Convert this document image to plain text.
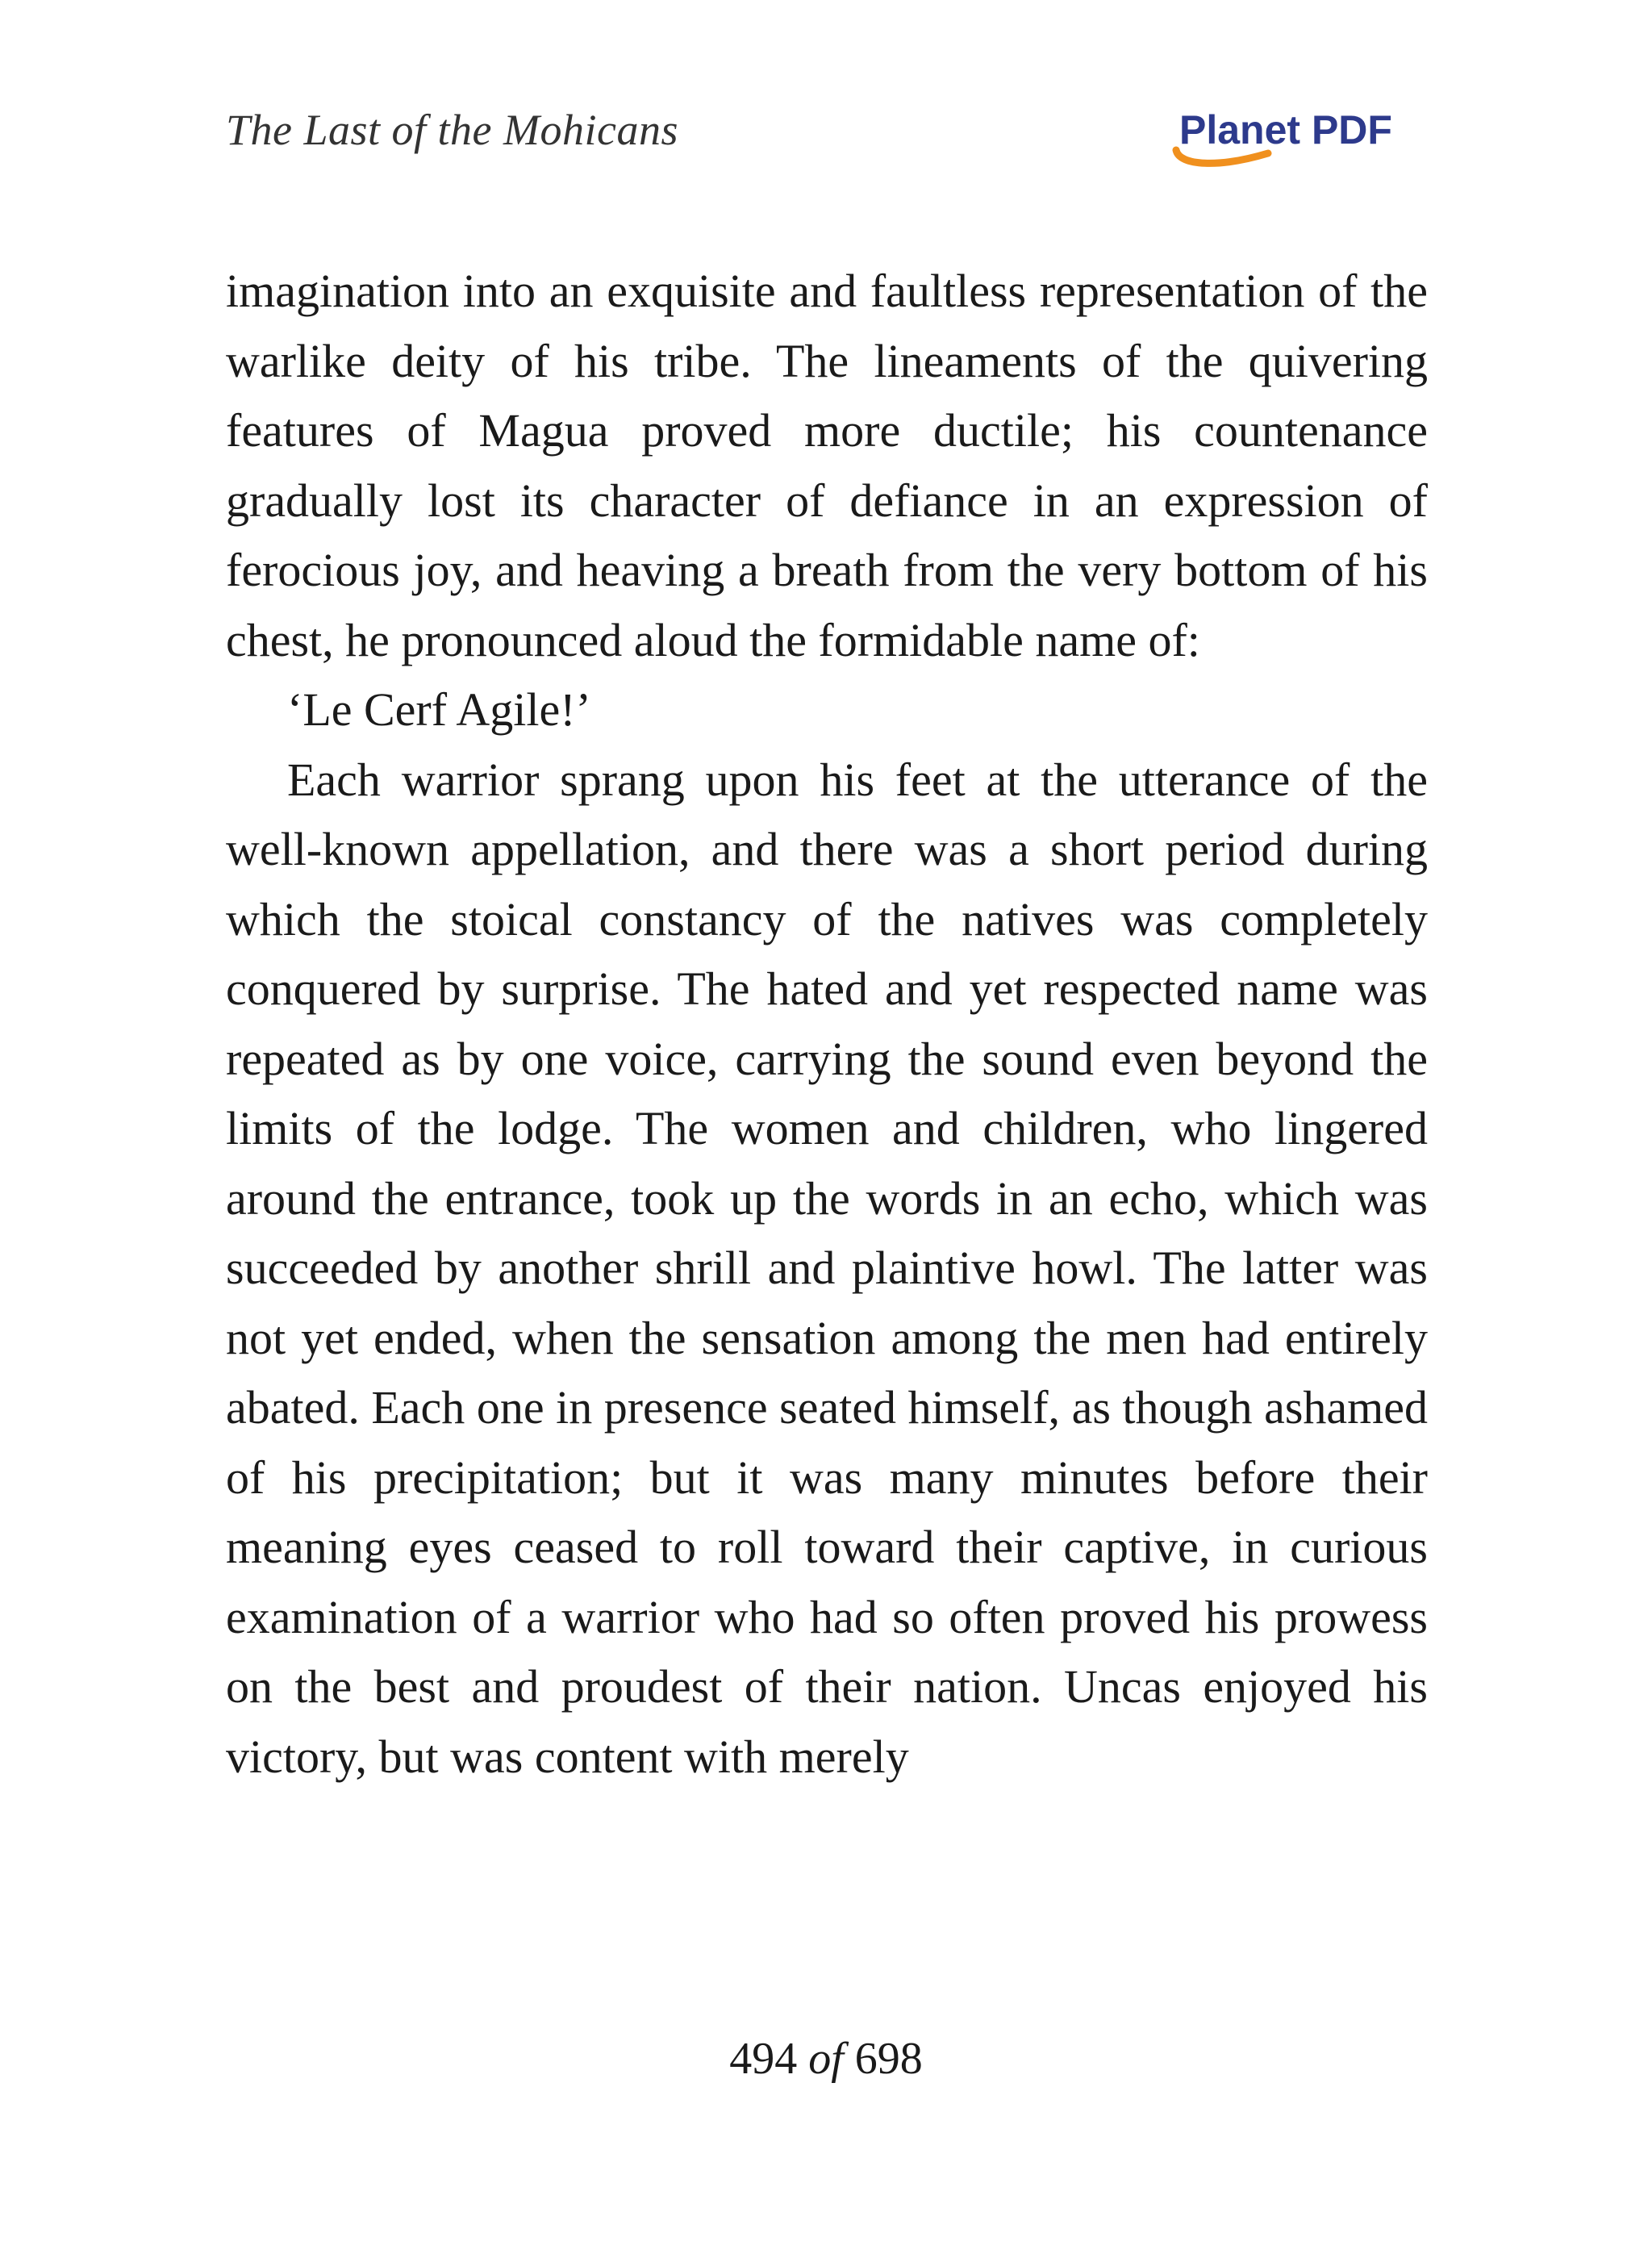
The Last of the Mohicans	Planet PDF

imagination into an exquisite and faultless representation of the warlike deity of his tribe. The lineaments of the quivering features of Magua proved more ductile; his countenance gradually lost its character of defiance in an expression of ferocious joy, and heaving a breath from the very bottom of his chest, he pronounced aloud the formidable name of:

‘Le Cerf Agile!’

Each warrior sprang upon his feet at the utterance of the well-known appellation, and there was a short period during which the stoical constancy of the natives was completely conquered by surprise. The hated and yet respected name was repeated as by one voice, carrying the sound even beyond the limits of the lodge. The women and children, who lingered around the entrance, took up the words in an echo, which was succeeded by another shrill and plaintive howl. The latter was not yet ended, when the sensation among the men had entirely abated. Each one in presence seated himself, as though ashamed of his precipitation; but it was many minutes before their meaning eyes ceased to roll toward their captive, in curious examination of a warrior who had so often proved his prowess on the best and proudest of their nation. Uncas enjoyed his victory, but was content with merely

494 of 698
